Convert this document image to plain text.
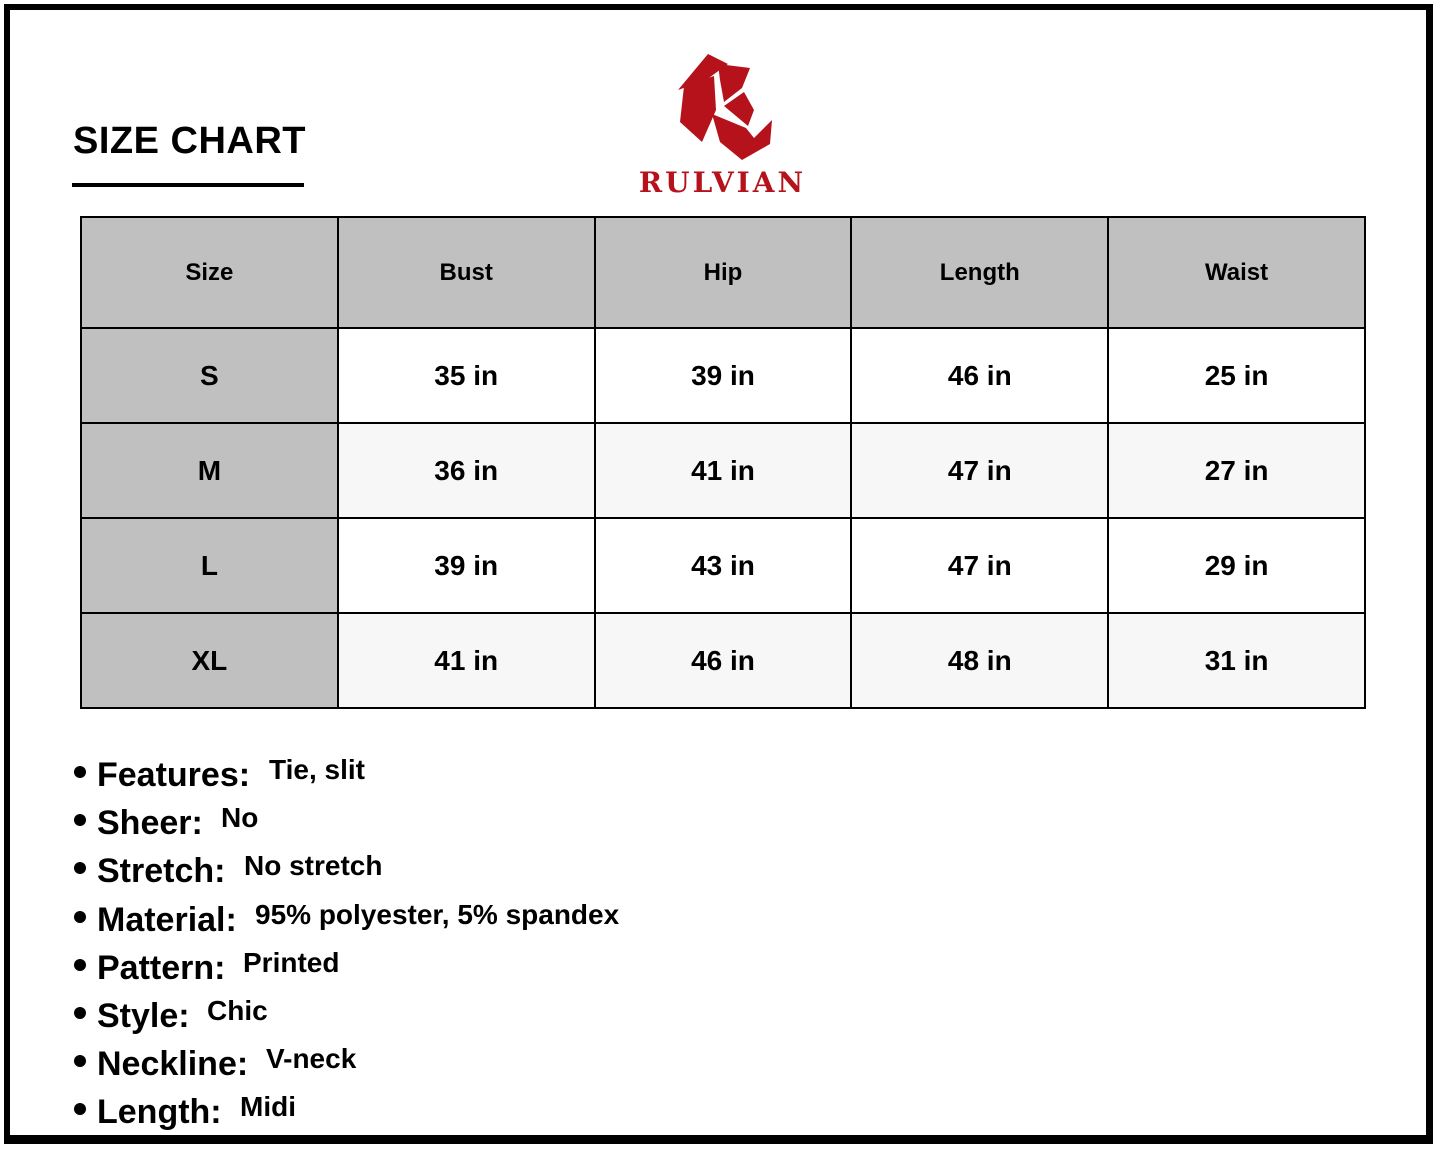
SIZE CHART
RULVIAN
Size	Bust	Hip	Length	Waist
S	35 in	39 in	46 in	25 in
M	36 in	41 in	47 in	27 in
L	39 in	43 in	47 in	29 in
XL	41 in	46 in	48 in	31 in
Features: Tie, slit
Sheer: No
Stretch: No stretch
Material: 95% polyester, 5% spandex
Pattern: Printed
Style: Chic
Neckline: V-neck
Length: Midi
